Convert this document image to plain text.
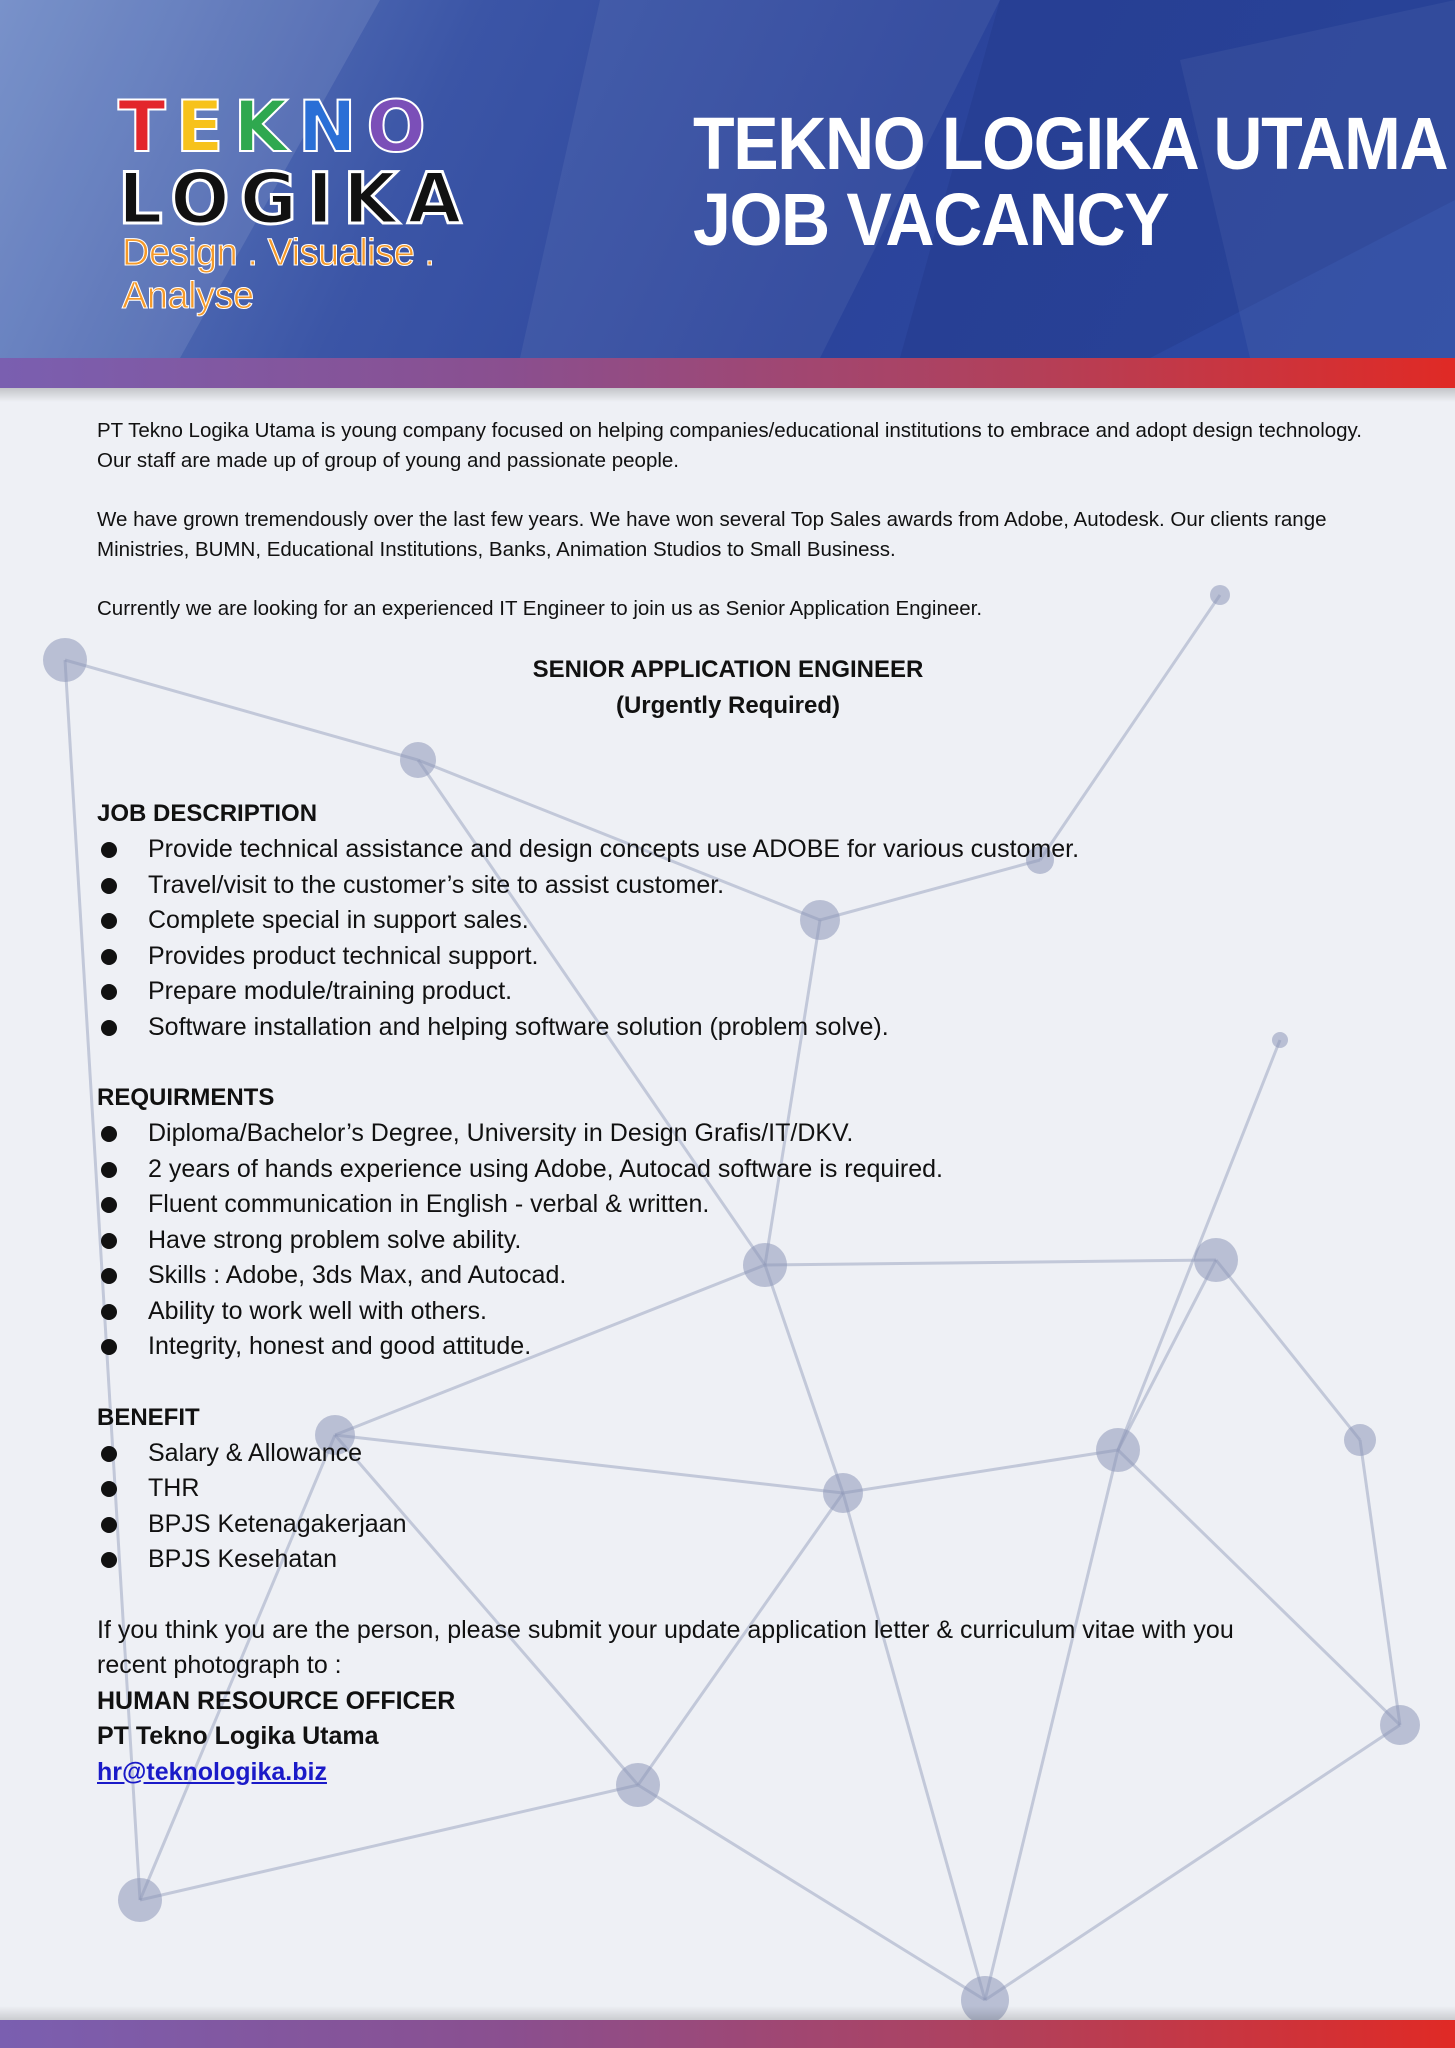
TEKNO
LOGIKA
Design . Visualise . Analyse
TEKNO LOGIKA UTAMA
JOB VACANCY

PT Tekno Logika Utama is young company focused on helping companies/educational institutions to embrace and adopt design technology. Our staff are made up of group of young and passionate people.

We have grown tremendously over the last few years. We have won several Top Sales awards from Adobe, Autodesk. Our clients range Ministries, BUMN, Educational Institutions, Banks, Animation Studios to Small Business.

Currently we are looking for an experienced IT Engineer to join us as Senior Application Engineer.

SENIOR APPLICATION ENGINEER
(Urgently Required)
JOB DESCRIPTION
Provide technical assistance and design concepts use ADOBE for various customer.
Travel/visit to the customer’s site to assist customer.
Complete special in support sales.
Provides product technical support.
Prepare module/training product.
Software installation and helping software solution (problem solve).
REQUIRMENTS
Diploma/Bachelor’s Degree, University in Design Grafis/IT/DKV.
2 years of hands experience using Adobe, Autocad software is required.
Fluent communication in English - verbal & written.
Have strong problem solve ability.
Skills : Adobe, 3ds Max, and Autocad.
Ability to work well with others.
Integrity, honest and good attitude.
BENEFIT
Salary & Allowance
THR
BPJS Ketenagakerjaan
BPJS Kesehatan
If you think you are the person, please submit your update application letter & curriculum vitae with you
recent photograph to :
HUMAN RESOURCE OFFICER
PT Tekno Logika Utama
hr@teknologika.biz
